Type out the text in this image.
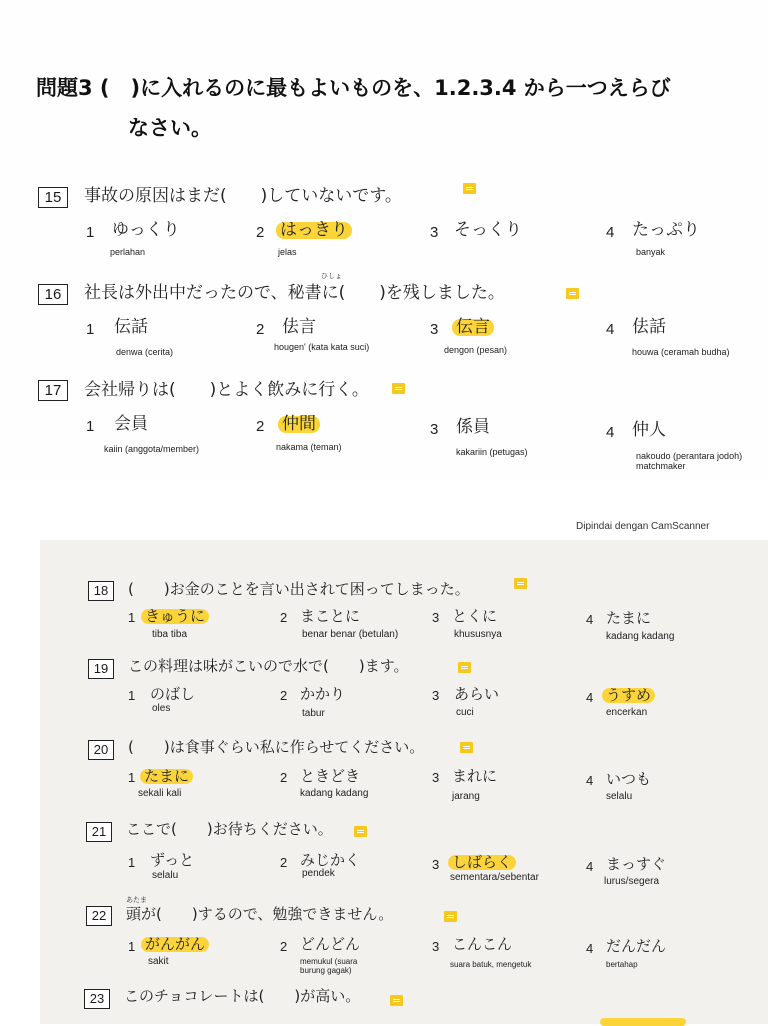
問題3 (　)に入れるのに最もよいものを、1.2.3.4 から一つえらび
なさい。
15	事故の原因はまだ(　　)していないです。
1 ゆっくり
perlahan
2 はっきり
jelas
3 そっくり	4 たっぷり
banyak
ひしょ
16	社長は外出中だったので、秘書に(　　)を残しました。
1 伝話
denwa (cerita)
2 佉言
hougen' (kata kata suci)
3 伝言
dengon (pesan)
4 佉話
houwa (ceramah budha)
17	会社帰りは(　　)とよく飲みに行く。
1 会員
kaiin (anggota/member)
2 仲間
nakama (teman)
3 係員
kakariin (petugas)
4 仲人
nakoudo (perantara jodoh)
matchmaker
Dipindai dengan CamScanner
18	(　　)お金のことを言い出されて困ってしまった。
1 きゅうに
tiba tiba
2 まことに
benar benar (betulan)
3 とくに
khususnya
4 たまに
kadang kadang
19	この料理は味がこいので水で(　　)ます。
1 のばし
oles
2 かかり
tabur
3 あらい
cuci
4 うすめ
encerkan
20	(　　)は食事ぐらい私に作らせてください。
1 たまに
sekali kali
2 ときどき
kadang kadang
3 まれに
jarang
4 いつも
selalu
21	ここで(　　)お待ちください。
1 ずっと
selalu
2 みじかく
pendek
3 しばらく
sementara/sebentar
4 まっすぐ
lurus/segera
あたま
22	頭が(　　)するので、勉強できません。
1 がんがん
sakit
2 どんどん
memukul (suara
burung gagak)
3 こんこん
suara batuk, mengetuk
4 だんだん
bertahap
23	このチョコレートは(　　)が高い。
